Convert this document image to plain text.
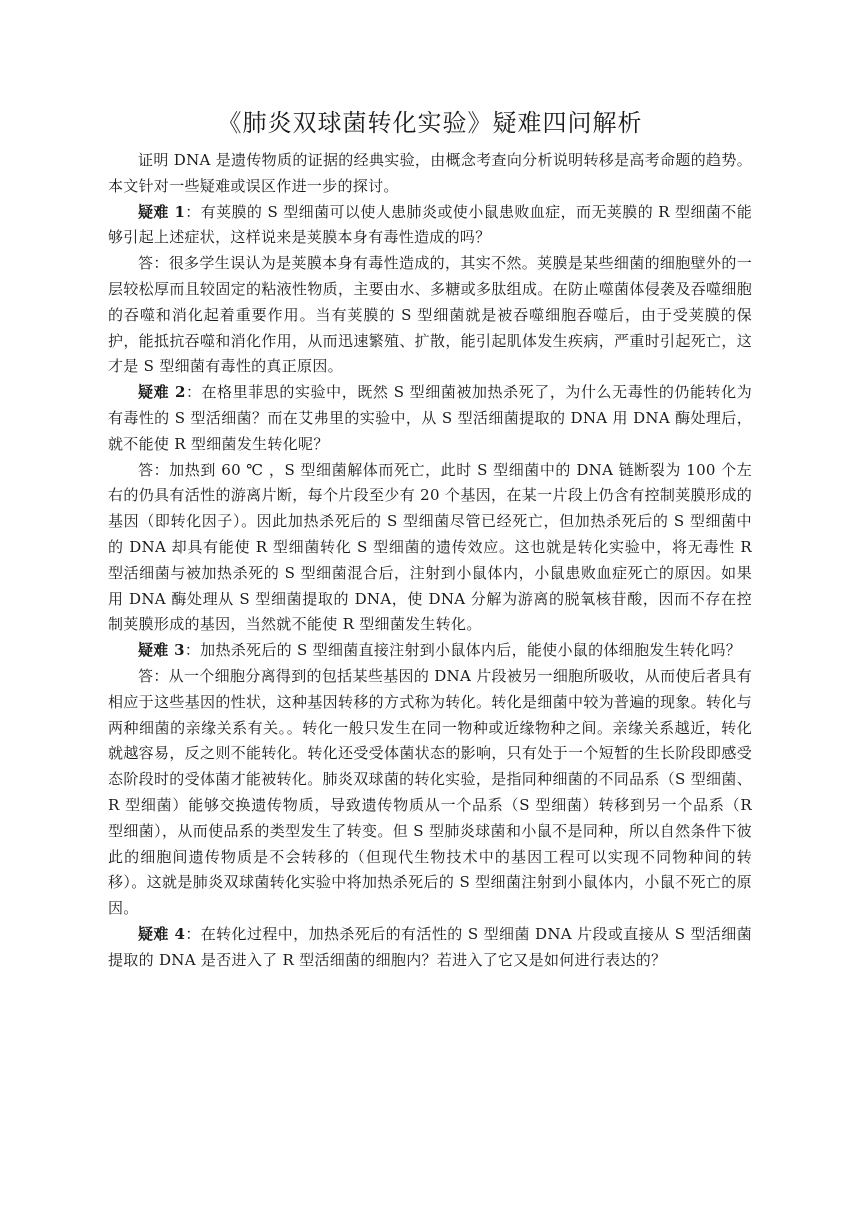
《肺炎双球菌转化实验》疑难四问解析

证明 DNA 是遗传物质的证据的经典实验，由概念考查向分析说明转移是高考命题的趋势。本文针对一些疑难或误区作进一步的探讨。

疑难 1：有荚膜的 S 型细菌可以使人患肺炎或使小鼠患败血症，而无荚膜的 R 型细菌不能够引起上述症状，这样说来是荚膜本身有毒性造成的吗？

答：很多学生误认为是荚膜本身有毒性造成的，其实不然。荚膜是某些细菌的细胞壁外的一层较松厚而且较固定的粘液性物质，主要由水、多糖或多肽组成。在防止噬菌体侵袭及吞噬细胞的吞噬和消化起着重要作用。当有荚膜的 S 型细菌就是被吞噬细胞吞噬后，由于受荚膜的保护，能抵抗吞噬和消化作用，从而迅速繁殖、扩散，能引起肌体发生疾病，严重时引起死亡，这才是 S 型细菌有毒性的真正原因。

疑难 2：在格里菲思的实验中，既然 S 型细菌被加热杀死了，为什么无毒性的仍能转化为有毒性的 S 型活细菌？而在艾弗里的实验中，从 S 型活细菌提取的 DNA 用 DNA 酶处理后，就不能使 R 型细菌发生转化呢？

答：加热到 60 ℃ ，S 型细菌解体而死亡，此时 S 型细菌中的 DNA 链断裂为 100 个左右的仍具有活性的游离片断，每个片段至少有 20 个基因，在某一片段上仍含有控制荚膜形成的基因（即转化因子）。因此加热杀死后的 S 型细菌尽管已经死亡，但加热杀死后的 S 型细菌中的 DNA 却具有能使 R 型细菌转化 S 型细菌的遗传效应。这也就是转化实验中，将无毒性 R 型活细菌与被加热杀死的 S 型细菌混合后，注射到小鼠体内，小鼠患败血症死亡的原因。如果用 DNA 酶处理从 S 型细菌提取的 DNA，使 DNA 分解为游离的脱氧核苷酸，因而不存在控制荚膜形成的基因，当然就不能使 R 型细菌发生转化。

疑难 3：加热杀死后的 S 型细菌直接注射到小鼠体内后，能使小鼠的体细胞发生转化吗？

答：从一个细胞分离得到的包括某些基因的 DNA 片段被另一细胞所吸收，从而使后者具有相应于这些基因的性状，这种基因转移的方式称为转化。转化是细菌中较为普遍的现象。转化与两种细菌的亲缘关系有关。。转化一般只发生在同一物种或近缘物种之间。亲缘关系越近，转化就越容易，反之则不能转化。转化还受受体菌状态的影响，只有处于一个短暂的生长阶段即感受态阶段时的受体菌才能被转化。肺炎双球菌的转化实验，是指同种细菌的不同品系（S 型细菌、R 型细菌）能够交换遗传物质，导致遗传物质从一个品系（S 型细菌）转移到另一个品系（R 型细菌），从而使品系的类型发生了转变。但 S 型肺炎球菌和小鼠不是同种，所以自然条件下彼此的细胞间遗传物质是不会转移的（但现代生物技术中的基因工程可以实现不同物种间的转移）。这就是肺炎双球菌转化实验中将加热杀死后的 S 型细菌注射到小鼠体内，小鼠不死亡的原因。

疑难 4：在转化过程中，加热杀死后的有活性的 S 型细菌 DNA 片段或直接从 S 型活细菌提取的 DNA 是否进入了 R 型活细菌的细胞内？若进入了它又是如何进行表达的？
